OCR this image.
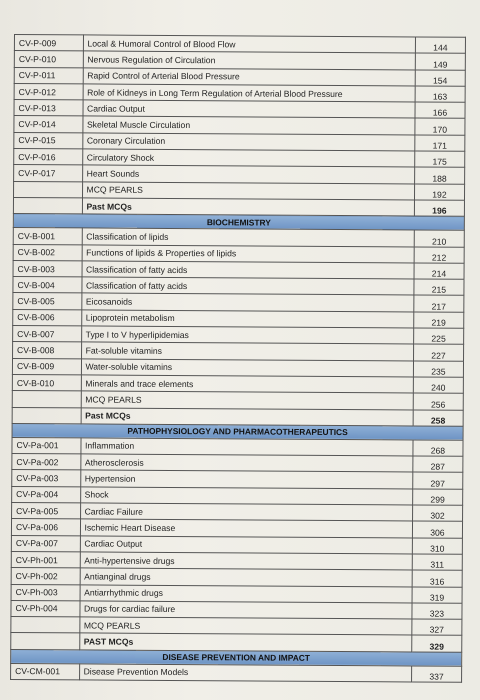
CV-P-009	Local & Humoral Control of Blood Flow	144
CV-P-010	Nervous Regulation of Circulation	149
CV-P-011	Rapid Control of Arterial Blood Pressure	154
CV-P-012	Role of Kidneys in Long Term Regulation of Arterial Blood Pressure	163
CV-P-013	Cardiac Output	166
CV-P-014	Skeletal Muscle Circulation	170
CV-P-015	Coronary Circulation	171
CV-P-016	Circulatory Shock	175
CV-P-017	Heart Sounds	188
	MCQ PEARLS	192
	Past MCQs	196
BIOCHEMISTRY		
CV-B-001	Classification of lipids	210
CV-B-002	Functions of lipids & Properties of lipids	212
CV-B-003	Classification of fatty acids	214
CV-B-004	Classification of fatty acids	215
CV-B-005	Eicosanoids	217
CV-B-006	Lipoprotein metabolism	219
CV-B-007	Type I to V hyperlipidemias	225
CV-B-008	Fat-soluble vitamins	227
CV-B-009	Water-soluble vitamins	235
CV-B-010	Minerals and trace elements	240
	MCQ PEARLS	256
	Past MCQs	258
PATHOPHYSIOLOGY AND PHARMACOTHERAPEUTICS		
CV-Pa-001	Inflammation	268
CV-Pa-002	Atherosclerosis	287
CV-Pa-003	Hypertension	297
CV-Pa-004	Shock	299
CV-Pa-005	Cardiac Failure	302
CV-Pa-006	Ischemic Heart Disease	306
CV-Pa-007	Cardiac Output	310
CV-Ph-001	Anti-hypertensive drugs	311
CV-Ph-002	Antianginal drugs	316
CV-Ph-003	Antiarrhythmic drugs	319
CV-Ph-004	Drugs for cardiac failure	323
	MCQ PEARLS	327
	PAST MCQs	329
DISEASE PREVENTION AND IMPACT		
CV-CM-001	Disease Prevention Models	337
